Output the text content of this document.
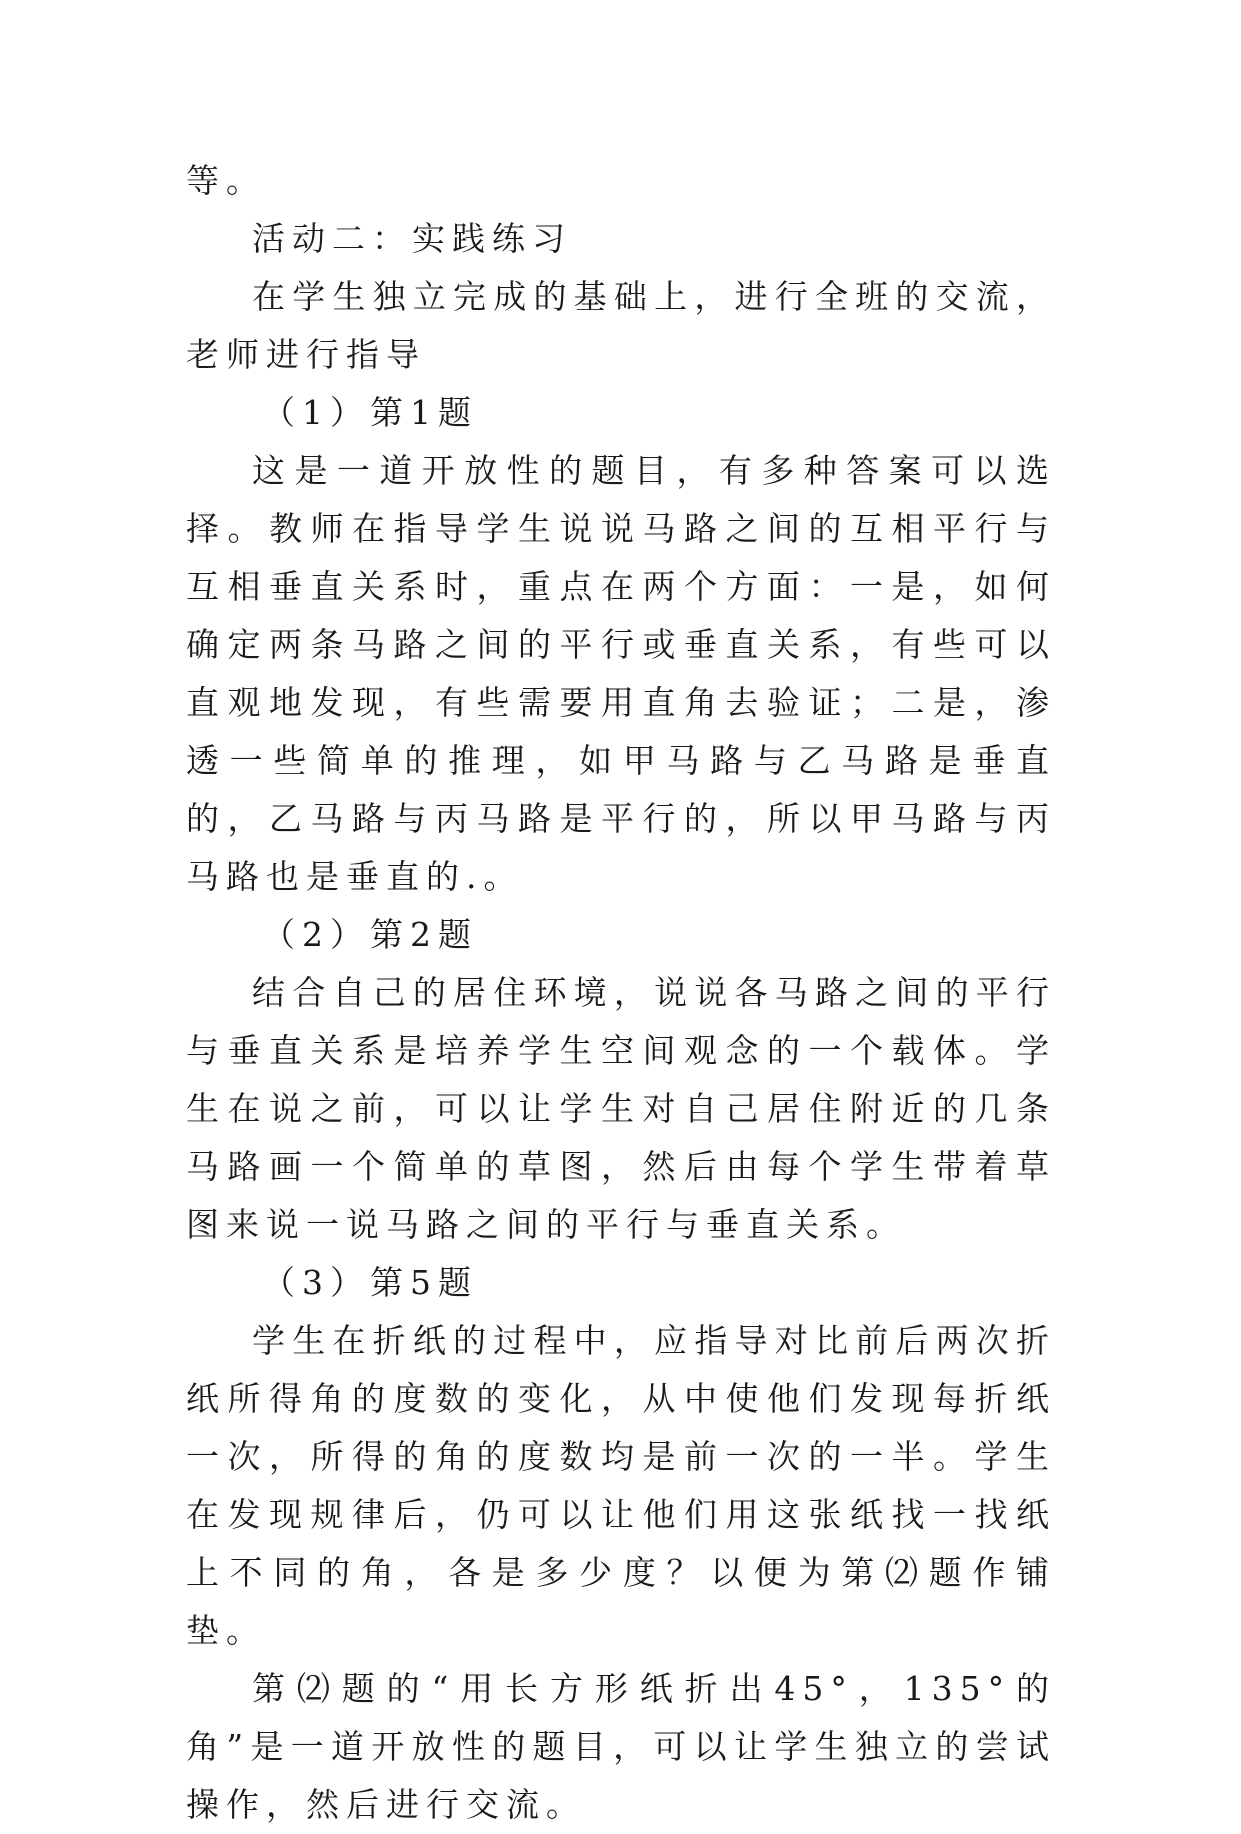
等。

活动二：实践练习

在学生独立完成的基础上，进行全班的交流，老师进行指导

（1）第1题

这是一道开放性的题目，有多种答案可以选择。教师在指导学生说说马路之间的互相平行与互相垂直关系时，重点在两个方面：一是，如何确定两条马路之间的平行或垂直关系，有些可以直观地发现，有些需要用直角去验证；二是，渗透一些简单的推理，如甲马路与乙马路是垂直的，乙马路与丙马路是平行的，所以甲马路与丙马路也是垂直的.。

（2）第2题

结合自己的居住环境，说说各马路之间的平行与垂直关系是培养学生空间观念的一个载体。学生在说之前，可以让学生对自己居住附近的几条马路画一个简单的草图，然后由每个学生带着草图来说一说马路之间的平行与垂直关系。

（3）第5题

学生在折纸的过程中，应指导对比前后两次折纸所得角的度数的变化，从中使他们发现每折纸一次，所得的角的度数均是前一次的一半。学生在发现规律后，仍可以让他们用这张纸找一找纸上不同的角，各是多少度？以便为第⑵题作铺垫。

第⑵题的“用长方形纸折出45°，135°的角”是一道开放性的题目，可以让学生独立的尝试操作，然后进行交流。
